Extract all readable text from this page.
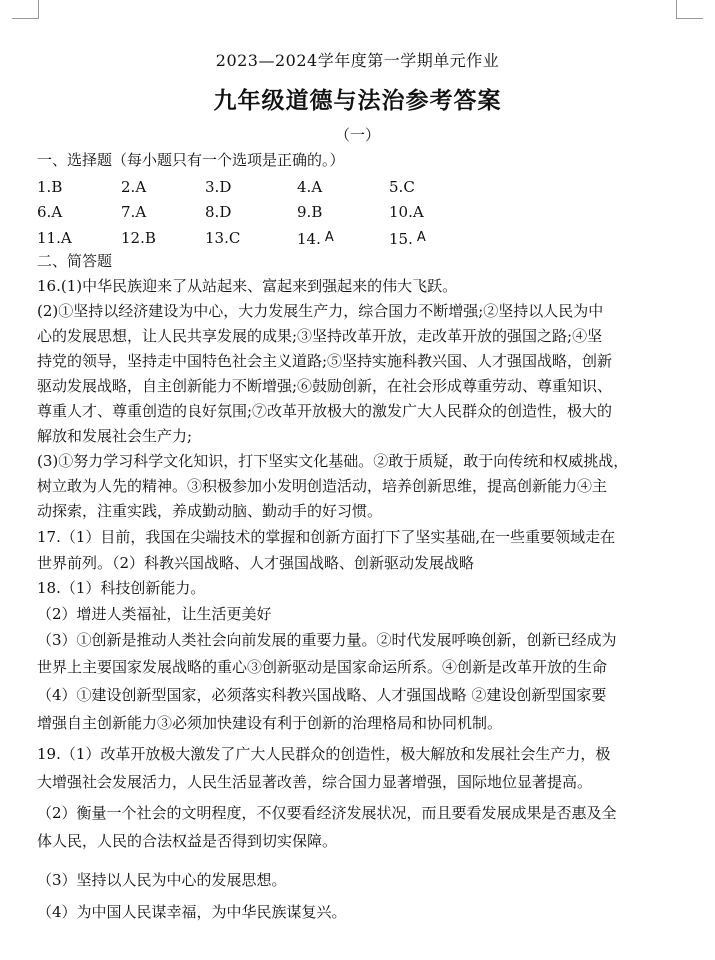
2023—2024学年度第一学期单元作业
九年级道德与法治参考答案
（一）
一、选择题（每小题只有一个选项是正确的。）
1.B	2.A	3.D	4.A	5.C
6.A	7.A	8.D	9.B	10.A
11.A	12.B	13.C	14. A	15. A
二、简答题
16.(1)中华民族迎来了从站起来、富起来到强起来的伟大飞跃。
(2)①坚持以经济建设为中心，大力发展生产力，综合国力不断增强;②坚持以人民为中
心的发展思想，让人民共享发展的成果;③坚持改革开放，走改革开放的强国之路;④坚
持党的领导，坚持走中国特色社会主义道路;⑤坚持实施科教兴国、人才强国战略，创新
驱动发展战略，自主创新能力不断增强;⑥鼓励创新，在社会形成尊重劳动、尊重知识、
尊重人才、尊重创造的良好氛围;⑦改革开放极大的激发广大人民群众的创造性，极大的
解放和发展社会生产力;
(3)①努力学习科学文化知识，打下坚实文化基础。②敢于质疑，敢于向传统和权威挑战，
树立敢为人先的精神。③积极参加小发明创造活动，培养创新思维，提高创新能力④主
动探索，注重实践，养成勤动脑、勤动手的好习惯。
17.（1）目前，我国在尖端技术的掌握和创新方面打下了坚实基础,在一些重要领域走在
世界前列。（2）科教兴国战略、人才强国战略、创新驱动发展战略
18.（1）科技创新能力。
（2）增进人类福祉，让生活更美好
（3）①创新是推动人类社会向前发展的重要力量。②时代发展呼唤创新，创新已经成为
世界上主要国家发展战略的重心③创新驱动是国家命运所系。④创新是改革开放的生命
（4）①建设创新型国家，必须落实科教兴国战略、人才强国战略 ②建设创新型国家要
增强自主创新能力③必须加快建设有利于创新的治理格局和协同机制。
19.（1）改革开放极大激发了广大人民群众的创造性，极大解放和发展社会生产力，极
大增强社会发展活力，人民生活显著改善，综合国力显著增强，国际地位显著提高。
（2）衡量一个社会的文明程度，不仅要看经济发展状况，而且要看发展成果是否惠及全
体人民，人民的合法权益是否得到切实保障。
（3）坚持以人民为中心的发展思想。
（4）为中国人民谋幸福，为中华民族谋复兴。
